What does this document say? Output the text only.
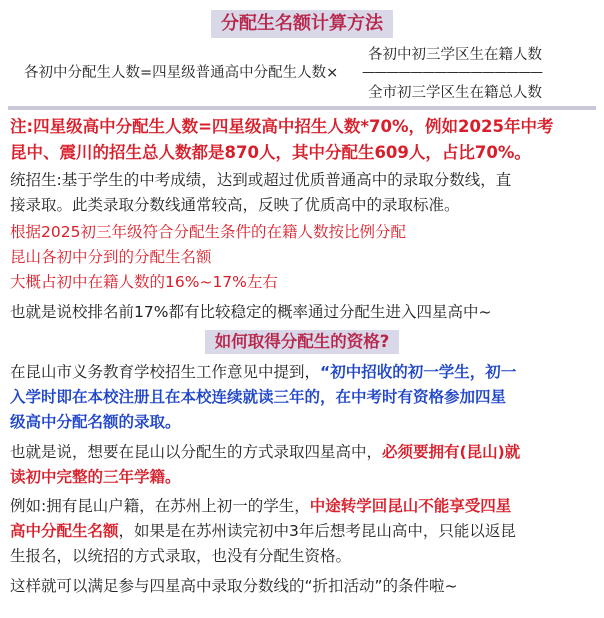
分配生名额计算方法
各初中分配生人数=四星级普通高中分配生人数×
各初中初三学区生在籍人数
———————————————
全市初三学区生在籍总人数
注:四星级高中分配生人数=四星级高中招生人数*70%，例如2025年中考
昆中、震川的招生总人数都是870人，其中分配生609人，占比70%。
统招生:基于学生的中考成绩，达到或超过优质普通高中的录取分数线，直
接录取。此类录取分数线通常较高，反映了优质高中的录取标准。
根据2025初三年级符合分配生条件的在籍人数按比例分配
昆山各初中分到的分配生名额
大概占初中在籍人数的16%~17%左右
也就是说校排名前17%都有比较稳定的概率通过分配生进入四星高中~
如何取得分配生的资格?
在昆山市义务教育学校招生工作意见中提到，“初中招收的初一学生，初一
入学时即在本校注册且在本校连续就读三年的，在中考时有资格参加四星
级高中分配名额的录取。
也就是说，想要在昆山以分配生的方式录取四星高中，必须要拥有(昆山)就
读初中完整的三年学籍。
例如:拥有昆山户籍，在苏州上初一的学生，中途转学回昆山不能享受四星
高中分配生名额，如果是在苏州读完初中3年后想考昆山高中，只能以返昆
生报名，以统招的方式录取，也没有分配生资格。
这样就可以满足参与四星高中录取分数线的“折扣活动”的条件啦~
